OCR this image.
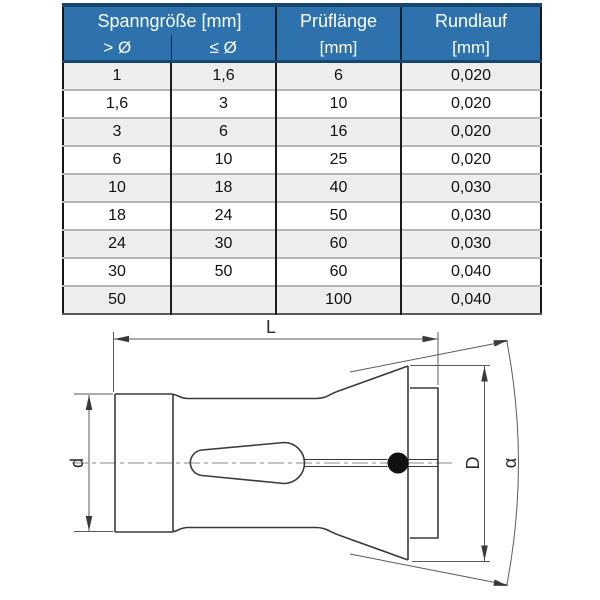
Spanngröße [mm]		Prüflänge	Rundlauf
> Ø	≤ Ø	[mm]	[mm]
1	1,6	6	0,020
1,6	3	10	0,020
3	6	16	0,020
6	10	25	0,020
10	18	40	0,030
18	24	50	0,030
24	30	60	0,030
30	50	60	0,040
50		100	0,040
L
d	D α
